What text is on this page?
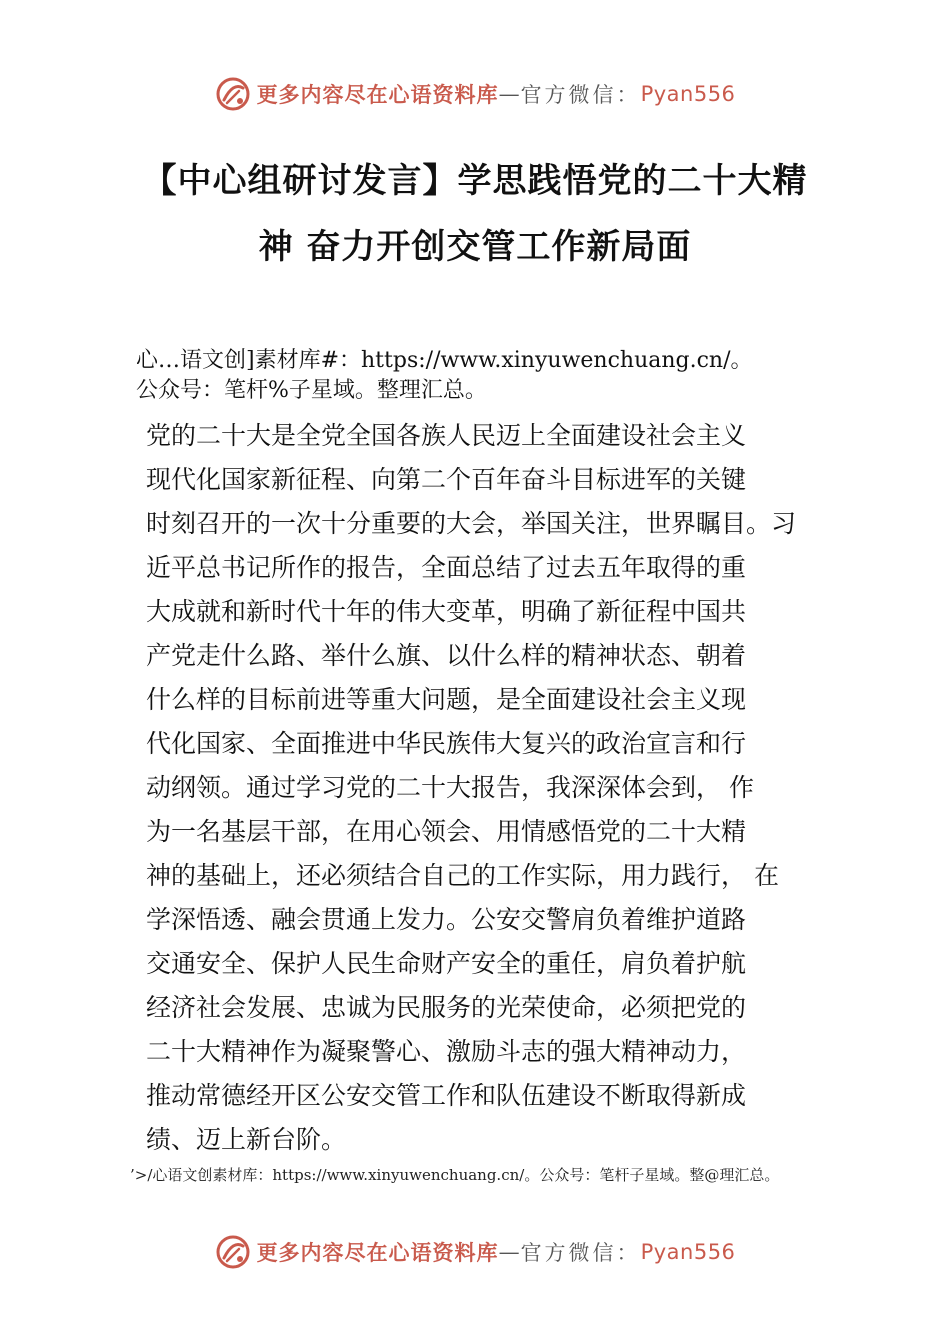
更多内容尽在心语资料库 — 官方微信： Pyan556
【中心组研讨发言】学思践悟党的二十大精
神 奋力开创交管工作新局面
心…语文创]素材库#：https://www.xinyuwenchuang.cn/。
公众号：笔杆%子星域。整理汇总。
党的二十大是全党全国各族人民迈上全面建设社会主义
现代化国家新征程、向第二个百年奋斗目标进军的关键
时刻召开的一次十分重要的大会，举国关注，世界瞩目。习
近平总书记所作的报告，全面总结了过去五年取得的重
大成就和新时代十年的伟大变革，明确了新征程中国共
产党走什么路、举什么旗、以什么样的精神状态、朝着
什么样的目标前进等重大问题，是全面建设社会主义现
代化国家、全面推进中华民族伟大复兴的政治宣言和行
动纲领。通过学习党的二十大报告，我深深体会到， 作
为一名基层干部，在用心领会、用情感悟党的二十大精
神的基础上，还必须结合自己的工作实际，用力践行， 在
学深悟透、融会贯通上发力。公安交警肩负着维护道路
交通安全、保护人民生命财产安全的重任，肩负着护航
经济社会发展、忠诚为民服务的光荣使命，必须把党的
二十大精神作为凝聚警心、激励斗志的强大精神动力，
推动常德经开区公安交管工作和队伍建设不断取得新成
绩、迈上新台阶。
’>/心语文创素材库：https://www.xinyuwenchuang.cn/。公众号：笔杆子星域。整@理汇总。
更多内容尽在心语资料库 — 官方微信： Pyan556
